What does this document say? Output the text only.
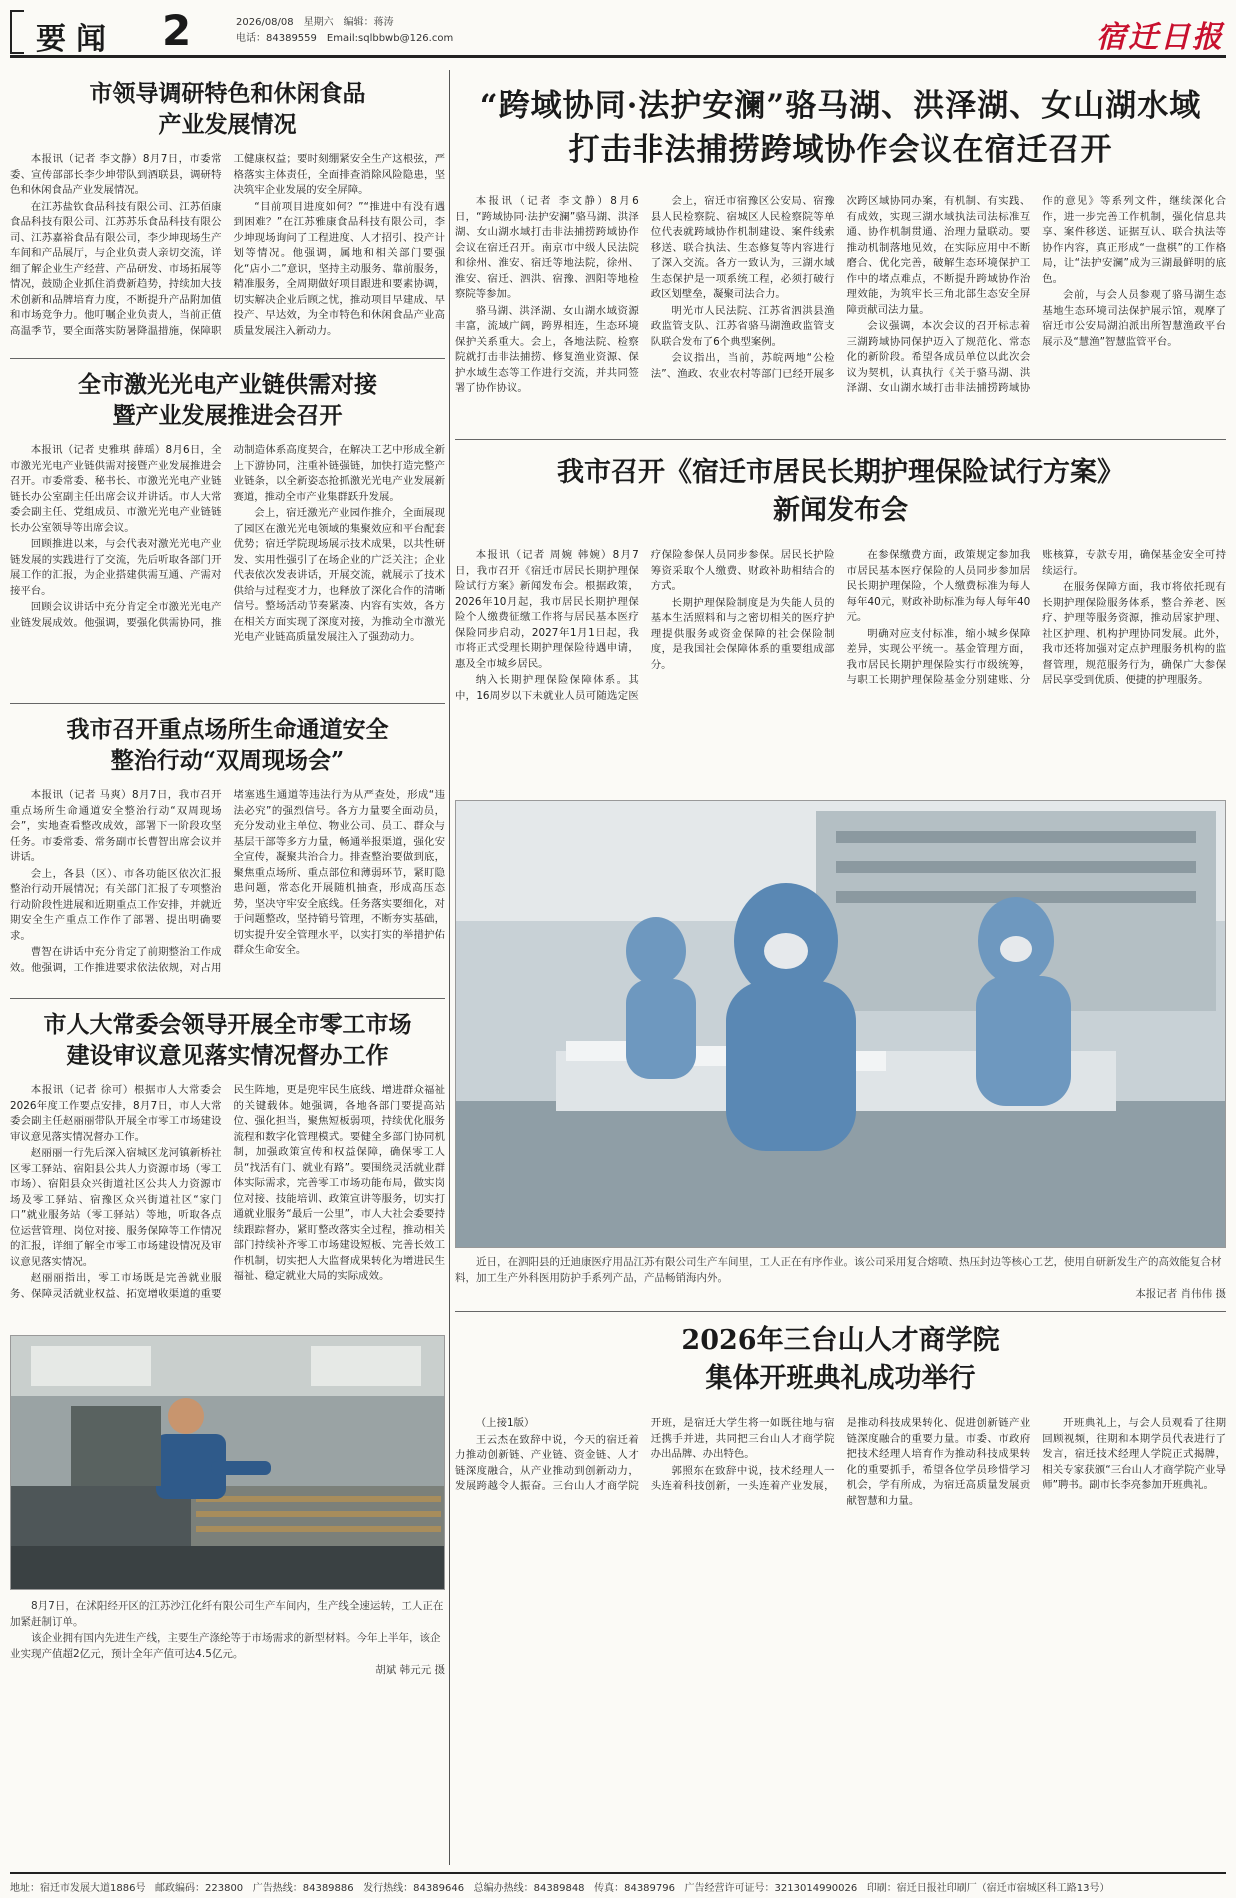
要闻 2	2026/08/08 星期六 编辑：蒋涛
电话：84389559 Email:sqlbbwb@126.com	宿迁日报
市领导调研特色和休闲食品
产业发展情况

本报讯（记者 李文静）8月7日，市委常委、宣传部部长李少坤带队到酒联县，调研特色和休闲食品产业发展情况。

在江苏盐钦食品科技有限公司、江苏佰康食品科技有限公司、江苏苏乐食品科技有限公司、江苏嘉裕食品有限公司，李少坤现场生产车间和产品展厅，与企业负责人亲切交流，详细了解企业生产经营、产品研发、市场拓展等情况，鼓励企业抓住消费新趋势，持续加大技术创新和品牌培育力度，不断提升产品附加值和市场竞争力。他叮嘱企业负责人，当前正值高温季节，要全面落实防暑降温措施，保障职工健康权益；要时刻绷紧安全生产这根弦，严格落实主体责任，全面排查消除风险隐患，坚决筑牢企业发展的安全屏障。

“目前项目进度如何？”“推进中有没有遇到困难？”在江苏雅康食品科技有限公司，李少坤现场询问了工程进度、人才招引、投产计划等情况。他强调，属地和相关部门要强化“店小二”意识，坚持主动服务、靠前服务，精准服务，全周期做好项目跟进和要素协调，切实解决企业后顾之忧，推动项目早建成、早投产、早达效，为全市特色和休闲食品产业高质量发展注入新动力。

全市激光光电产业链供需对接
暨产业发展推进会召开

本报讯（记者 史雅琪 薛瑶）8月6日，全市激光光电产业链供需对接暨产业发展推进会召开。市委常委、秘书长、市激光光电产业链链长办公室副主任出席会议并讲话。市人大常委会副主任、党组成员、市激光光电产业链链长办公室领导等出席会议。

回顾推进以来，与会代表对激光光电产业链发展的实践进行了交流，先后听取各部门开展工作的汇报，为企业搭建供需互通、产需对接平台。

回顾会议讲话中充分肯定全市激光光电产业链发展成效。他强调，要强化供需协同，推动制造体系高度契合，在解决工艺中形成全新上下游协同，注重补链强链，加快打造完整产业链条，以全新姿态抢抓激光光电产业发展新赛道，推动全市产业集群跃升发展。

会上，宿迁激光产业园作推介，全面展现了园区在激光光电领域的集聚效应和平台配套优势；宿迁学院现场展示技术成果，以共性研发、实用性强引了在场企业的广泛关注；企业代表依次发表讲话，开展交流，就展示了技术供给与过程变才力，也释放了深化合作的清晰信号。整场活动节奏紧凑、内容有实效，各方在相关方面实现了深度对接，为推动全市激光光电产业链高质量发展注入了强劲动力。

我市召开重点场所生命通道安全
整治行动“双周现场会”

本报讯（记者 马爽）8月7日，我市召开重点场所生命通道安全整治行动“双周现场会”，实地查看整改成效，部署下一阶段攻坚任务。市委常委、常务副市长曹智出席会议并讲话。

会上，各县（区）、市各功能区依次汇报整治行动开展情况；有关部门汇报了专项整治行动阶段性进展和近期重点工作安排，并就近期安全生产重点工作作了部署、提出明确要求。

曹智在讲话中充分肯定了前期整治工作成效。他强调，工作推进要求依法依规，对占用堵塞逃生通道等违法行为从严查处，形成“违法必究”的强烈信号。各方力量要全面动员，充分发动业主单位、物业公司、员工、群众与基层干部等多方力量，畅通举报渠道，强化安全宣传，凝聚共治合力。排查整治要做到底，聚焦重点场所、重点部位和薄弱环节，紧盯隐患问题，常态化开展随机抽查，形成高压态势，坚决守牢安全底线。任务落实要细化，对于问题整改，坚持销号管理，不断夯实基础，切实提升安全管理水平，以实打实的举措护佑群众生命安全。

市人大常委会领导开展全市零工市场
建设审议意见落实情况督办工作

本报讯（记者 徐可）根据市人大常委会2026年度工作要点安排，8月7日，市人大常委会副主任赵丽丽带队开展全市零工市场建设审议意见落实情况督办工作。

赵丽丽一行先后深入宿城区龙河镇新桥社区零工驿站、宿阳县公共人力资源市场（零工市场）、宿阳县众兴街道社区公共人力资源市场及零工驿站、宿豫区众兴街道社区“家门口”就业服务站（零工驿站）等地，听取各点位运营管理、岗位对接、服务保障等工作情况的汇报，详细了解全市零工市场建设情况及审议意见落实情况。

赵丽丽指出，零工市场既是完善就业服务、保障灵活就业权益、拓宽增收渠道的重要民生阵地，更是兜牢民生底线、增进群众福祉的关键载体。她强调，各地各部门要提高站位、强化担当，聚焦短板弱项，持续优化服务流程和数字化管理模式。要健全多部门协同机制，加强政策宣传和权益保障，确保零工人员“找活有门、就业有路”。要围绕灵活就业群体实际需求，完善零工市场功能布局，做实岗位对接、技能培训、政策宣讲等服务，切实打通就业服务“最后一公里”，市人大社会委要持续跟踪督办，紧盯整改落实全过程，推动相关部门持续补齐零工市场建设短板、完善长效工作机制，切实把人大监督成果转化为增进民生福祉、稳定就业大局的实际成效。

8月7日，在沭阳经开区的江苏沙江化纤有限公司生产车间内，生产线全速运转，工人正在加紧赶制订单。
该企业拥有国内先进生产线，主要生产涤纶等于市场需求的新型材料。今年上半年，该企业实现产值超2亿元，预计全年产值可达4.5亿元。
胡斌 韩元元 摄
“跨域协同·法护安澜”骆马湖、洪泽湖、女山湖水域
打击非法捕捞跨域协作会议在宿迁召开

本报讯（记者 李文静）8月6日，“跨域协同·法护安澜”骆马湖、洪泽湖、女山湖水域打击非法捕捞跨域协作会议在宿迁召开。南京市中级人民法院和徐州、淮安、宿迁等地法院，徐州、淮安、宿迁、泗洪、宿豫、泗阳等地检察院等参加。

骆马湖、洪泽湖、女山湖水域资源丰富，流域广阔，跨界相连，生态环境保护关系重大。会上，各地法院、检察院就打击非法捕捞、修复渔业资源、保护水域生态等工作进行交流，并共同签署了协作协议。

会上，宿迁市宿豫区公安局、宿豫县人民检察院、宿城区人民检察院等单位代表就跨域协作机制建设、案件线索移送、联合执法、生态修复等内容进行了深入交流。各方一致认为，三湖水域生态保护是一项系统工程，必须打破行政区划壁垒，凝聚司法合力。

明光市人民法院、江苏省泗洪县渔政监管支队、江苏省骆马湖渔政监管支队联合发布了6个典型案例。

会议指出，当前，苏皖两地“公检法”、渔政、农业农村等部门已经开展多次跨区域协同办案，有机制、有实践、有成效，实现三湖水域执法司法标准互通、协作机制贯通、治理力量联动。要推动机制落地见效，在实际应用中不断磨合、优化完善，破解生态环境保护工作中的堵点难点，不断提升跨域协作治理效能，为筑牢长三角北部生态安全屏障贡献司法力量。

会议强调，本次会议的召开标志着三湖跨域协同保护迈入了规范化、常态化的新阶段。希望各成员单位以此次会议为契机，认真执行《关于骆马湖、洪泽湖、女山湖水域打击非法捕捞跨域协作的意见》等系列文件，继续深化合作，进一步完善工作机制，强化信息共享、案件移送、证据互认、联合执法等协作内容，真正形成“一盘棋”的工作格局，让“法护安澜”成为三湖最鲜明的底色。

会前，与会人员参观了骆马湖生态基地生态环境司法保护展示馆，观摩了宿迁市公安局湖泊派出所智慧渔政平台展示及“慧渔”智慧监管平台。

我市召开《宿迁市居民长期护理保险试行方案》
新闻发布会

本报讯（记者 周婉 韩婉）8月7日，我市召开《宿迁市居民长期护理保险试行方案》新闻发布会。根据政策，2026年10月起，我市居民长期护理保险个人缴费征缴工作将与居民基本医疗保险同步启动，2027年1月1日起，我市将正式受理长期护理保险待遇申请，惠及全市城乡居民。

纳入长期护理保险保障体系。其中，16周岁以下未就业人员可随选定医疗保险参保人员同步参保。居民长护险筹资采取个人缴费、财政补助相结合的方式。

长期护理保险制度是为失能人员的基本生活照料和与之密切相关的医疗护理提供服务或资金保障的社会保险制度，是我国社会保障体系的重要组成部分。

在参保缴费方面，政策规定参加我市居民基本医疗保险的人员同步参加居民长期护理保险，个人缴费标准为每人每年40元，财政补助标准为每人每年40元。

明确对应支付标准，缩小城乡保障差异，实现公平统一。基金管理方面，我市居民长期护理保险实行市级统筹，与职工长期护理保险基金分别建账、分账核算，专款专用，确保基金安全可持续运行。

在服务保障方面，我市将依托现有长期护理保险服务体系，整合养老、医疗、护理等服务资源，推动居家护理、社区护理、机构护理协同发展。此外，我市还将加强对定点护理服务机构的监督管理，规范服务行为，确保广大参保居民享受到优质、便捷的护理服务。

近日，在泗阳县的迁迪康医疗用品江苏有限公司生产车间里，工人正在有序作业。该公司采用复合熔喷、热压封边等核心工艺，使用自研新发生产的高效能复合材料，加工生产外科医用防护手系列产品，产品畅销海内外。
本报记者 肖伟伟 摄
2026年三台山人才商学院
集体开班典礼成功举行

（上接1版）

王云杰在致辞中说，今天的宿迁着力推动创新链、产业链、资金链、人才链深度融合，从产业推动到创新动力，发展跨越令人振奋。三台山人才商学院开班，是宿迁大学生将一如既往地与宿迁携手并进，共同把三台山人才商学院办出品牌、办出特色。

郭照东在致辞中说，技术经理人一头连着科技创新，一头连着产业发展，是推动科技成果转化、促进创新链产业链深度融合的重要力量。市委、市政府把技术经理人培育作为推动科技成果转化的重要抓手，希望各位学员珍惜学习机会，学有所成，为宿迁高质量发展贡献智慧和力量。

开班典礼上，与会人员观看了往期回顾视频，往期和本期学员代表进行了发言，宿迁技术经理人学院正式揭牌，相关专家获颁“三台山人才商学院产业导师”聘书。副市长李亮参加开班典礼。

地址：宿迁市发展大道1886号 邮政编码：223800 广告热线：84389886 发行热线：84389646 总编办热线：84389848 传真：84389796 广告经营许可证号：3213014990026 印刷：宿迁日报社印刷厂（宿迁市宿城区科工路13号）
